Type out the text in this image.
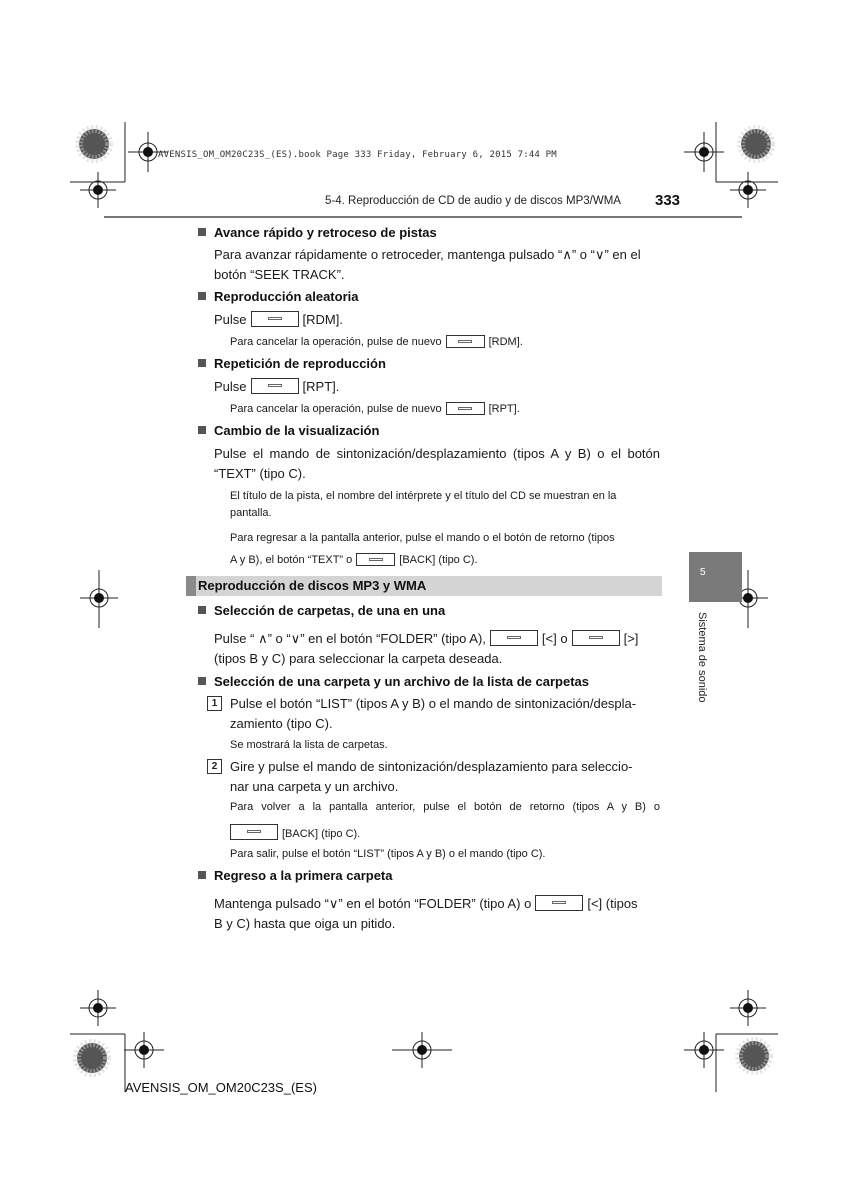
AVENSIS_OM_OM20C23S_(ES).book Page 333 Friday, February 6, 2015 7:44 PM
5-4. Reproducción de CD de audio y de discos MP3/WMA 333
5
Sistema de sonido
Avance rápido y retroceso de pistas
Para avanzar rápidamente o retroceder, mantenga pulsado “∧” o “∨” en el
botón “SEEK TRACK”.
Reproducción aleatoria
Pulse	[RDM].
Para cancelar la operación, pulse de nuevo	[RDM].
Repetición de reproducción
Pulse	[RPT].
Para cancelar la operación, pulse de nuevo	[RPT].
Cambio de la visualización
Pulse el mando de sintonización/desplazamiento (tipos A y B) o el botón
“TEXT” (tipo C).
El título de la pista, el nombre del intérprete y el título del CD se muestran en la
pantalla.
Para regresar a la pantalla anterior, pulse el mando o el botón de retorno (tipos
A y B), el botón “TEXT” o	[BACK] (tipo C).
Reproducción de discos MP3 y WMA
Selección de carpetas, de una en una
Pulse “ ∧” o “∨” en el botón “FOLDER” (tipo A),	[<] o	[>]
(tipos B y C) para seleccionar la carpeta deseada.
Selección de una carpeta y un archivo de la lista de carpetas
1 Pulse el botón “LIST” (tipos A y B) o el mando de sintonización/despla-
zamiento (tipo C).
Se mostrará la lista de carpetas.
2 Gire y pulse el mando de sintonización/desplazamiento para seleccio-
nar una carpeta y un archivo.
Para volver a la pantalla anterior, pulse el botón de retorno (tipos A y B) o
[BACK] (tipo C).
Para salir, pulse el botón “LIST” (tipos A y B) o el mando (tipo C).
Regreso a la primera carpeta
Mantenga pulsado “∨” en el botón “FOLDER” (tipo A) o	[<] (tipos
B y C) hasta que oiga un pitido.
AVENSIS_OM_OM20C23S_(ES)
